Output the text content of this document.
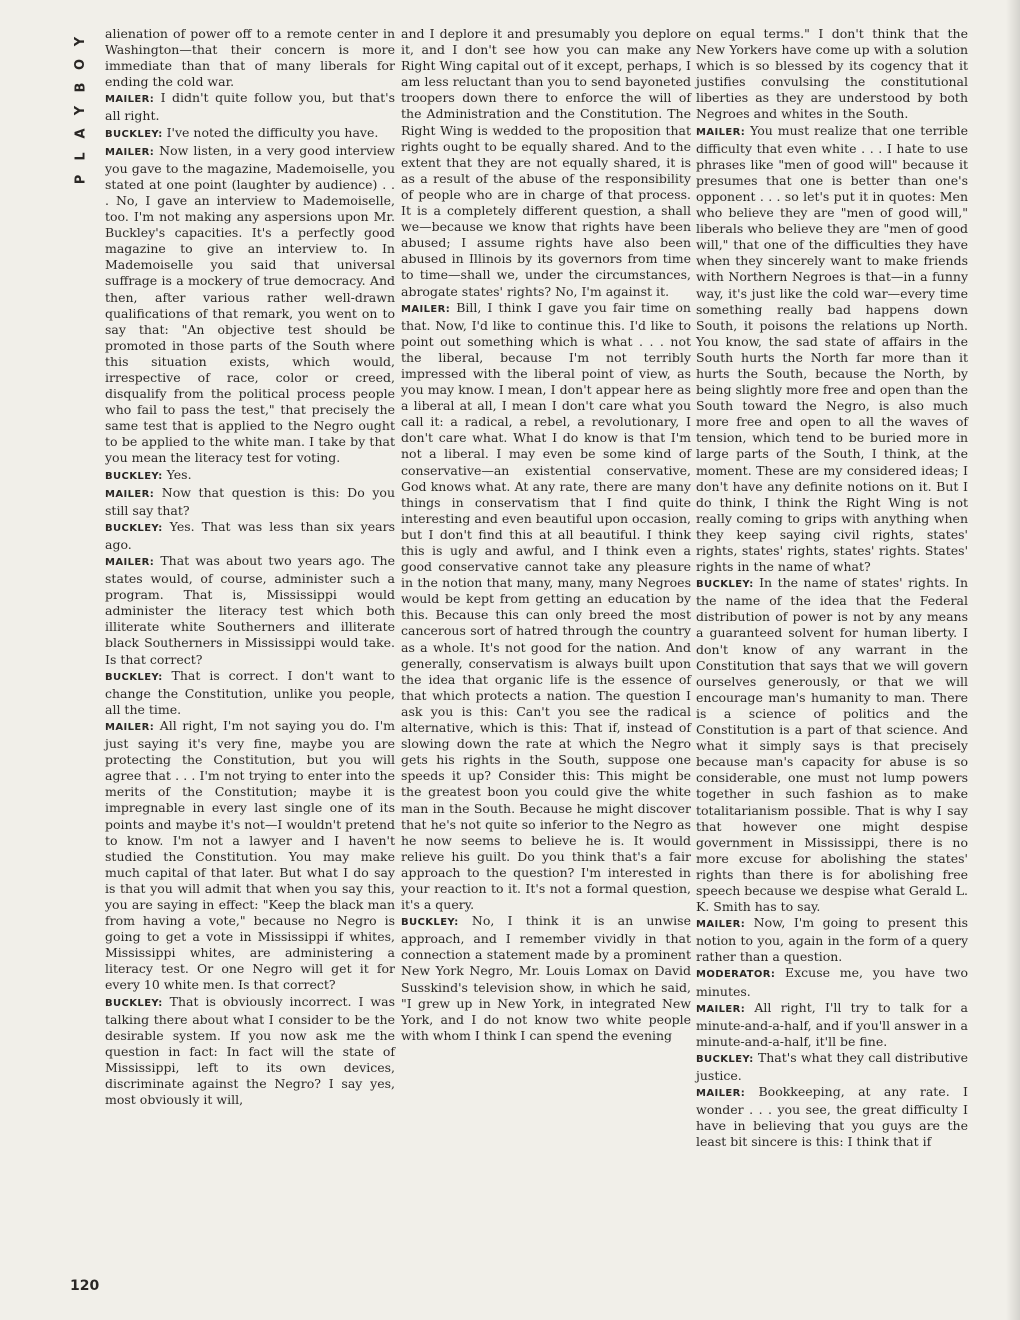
Y
O
B
Y
A
L
P

alienation of power off to a remote center in Washington—that their concern is more immediate than that of many liberals for ending the cold war.

MAILER: I didn't quite follow you, but that's all right.

BUCKLEY: I've noted the difficulty you have.

MAILER: Now listen, in a very good interview you gave to the magazine, Mademoiselle, you stated at one point (laughter by audience) . . . No, I gave an interview to Mademoiselle, too. I'm not making any aspersions upon Mr. Buckley's capacities. It's a perfectly good magazine to give an interview to. In Mademoiselle you said that universal suffrage is a mockery of true democracy. And then, after various rather well-drawn qualifications of that remark, you went on to say that: "An objective test should be promoted in those parts of the South where this situation exists, which would, irrespective of race, color or creed, disqualify from the political process people who fail to pass the test," that precisely the same test that is applied to the Negro ought to be applied to the white man. I take by that you mean the literacy test for voting.

BUCKLEY: Yes.

MAILER: Now that question is this: Do you still say that?

BUCKLEY: Yes. That was less than six years ago.

MAILER: That was about two years ago. The states would, of course, administer such a program. That is, Mississippi would administer the literacy test which both illiterate white Southerners and illiterate black Southerners in Mississippi would take. Is that correct?

BUCKLEY: That is correct. I don't want to change the Constitution, unlike you people, all the time.

MAILER: All right, I'm not saying you do. I'm just saying it's very fine, maybe you are protecting the Constitution, but you will agree that . . . I'm not trying to enter into the merits of the Constitution; maybe it is impregnable in every last single one of its points and maybe it's not—I wouldn't pretend to know. I'm not a lawyer and I haven't studied the Constitution. You may make much capital of that later. But what I do say is that you will admit that when you say this, you are saying in effect: "Keep the black man from having a vote," because no Negro is going to get a vote in Mississippi if whites, Mississippi whites, are administering a literacy test. Or one Negro will get it for every 10 white men. Is that correct?

BUCKLEY: That is obviously incorrect. I was talking there about what I consider to be the desirable system. If you now ask me the question in fact: In fact will the state of Mississippi, left to its own devices, discriminate against the Negro? I say yes, most obviously it will,

and I deplore it and presumably you deplore it, and I don't see how you can make any Right Wing capital out of it except, perhaps, I am less reluctant than you to send bayoneted troopers down there to enforce the will of the Administration and the Constitution. The Right Wing is wedded to the proposition that rights ought to be equally shared. And to the extent that they are not equally shared, it is as a result of the abuse of the responsibility of people who are in charge of that process. It is a completely different question, a shall we—because we know that rights have been abused; I assume rights have also been abused in Illinois by its governors from time to time—shall we, under the circumstances, abrogate states' rights? No, I'm against it.

MAILER: Bill, I think I gave you fair time on that. Now, I'd like to continue this. I'd like to point out something which is what . . . not the liberal, because I'm not terribly impressed with the liberal point of view, as you may know. I mean, I don't appear here as a liberal at all, I mean I don't care what you call it: a radical, a rebel, a revolutionary, I don't care what. What I do know is that I'm not a liberal. I may even be some kind of conservative—an existential conservative, God knows what. At any rate, there are many things in conservatism that I find quite interesting and even beautiful upon occasion, but I don't find this at all beautiful. I think this is ugly and awful, and I think even a good conservative cannot take any pleasure in the notion that many, many, many Negroes would be kept from getting an education by this. Because this can only breed the most cancerous sort of hatred through the country as a whole. It's not good for the nation. And generally, conservatism is always built upon the idea that organic life is the essence of that which protects a nation. The question I ask you is this: Can't you see the radical alternative, which is this: That if, instead of slowing down the rate at which the Negro gets his rights in the South, suppose one speeds it up? Consider this: This might be the greatest boon you could give the white man in the South. Because he might discover that he's not quite so inferior to the Negro as he now seems to believe he is. It would relieve his guilt. Do you think that's a fair approach to the question? I'm interested in your reaction to it. It's not a formal question, it's a query.

BUCKLEY: No, I think it is an unwise approach, and I remember vividly in that connection a statement made by a prominent New York Negro, Mr. Louis Lomax on David Susskind's television show, in which he said, "I grew up in New York, in integrated New York, and I do not know two white people with whom I think I can spend the evening

on equal terms." I don't think that the New Yorkers have come up with a solution which is so blessed by its cogency that it justifies convulsing the constitutional liberties as they are understood by both Negroes and whites in the South.

MAILER: You must realize that one terrible difficulty that even white . . . I hate to use phrases like "men of good will" because it presumes that one is better than one's opponent . . . so let's put it in quotes: Men who believe they are "men of good will," liberals who believe they are "men of good will," that one of the difficulties they have when they sincerely want to make friends with Northern Negroes is that—in a funny way, it's just like the cold war—every time something really bad happens down South, it poisons the relations up North. You know, the sad state of affairs in the South hurts the North far more than it hurts the South, because the North, by being slightly more free and open than the South toward the Negro, is also much more free and open to all the waves of tension, which tend to be buried more in large parts of the South, I think, at the moment. These are my considered ideas; I don't have any definite notions on it. But I do think, I think the Right Wing is not really coming to grips with anything when they keep saying civil rights, states' rights, states' rights, states' rights. States' rights in the name of what?

BUCKLEY: In the name of states' rights. In the name of the idea that the Federal distribution of power is not by any means a guaranteed solvent for human liberty. I don't know of any warrant in the Constitution that says that we will govern ourselves generously, or that we will encourage man's humanity to man. There is a science of politics and the Constitution is a part of that science. And what it simply says is that precisely because man's capacity for abuse is so considerable, one must not lump powers together in such fashion as to make totalitarianism possible. That is why I say that however one might despise government in Mississippi, there is no more excuse for abolishing the states' rights than there is for abolishing free speech because we despise what Gerald L. K. Smith has to say.

MAILER: Now, I'm going to present this notion to you, again in the form of a query rather than a question.

MODERATOR: Excuse me, you have two minutes.

MAILER: All right, I'll try to talk for a minute-and-a-half, and if you'll answer in a minute-and-a-half, it'll be fine.

BUCKLEY: That's what they call distributive justice.

MAILER: Bookkeeping, at any rate. I wonder . . . you see, the great difficulty I have in believing that you guys are the least bit sincere is this: I think that if

120
